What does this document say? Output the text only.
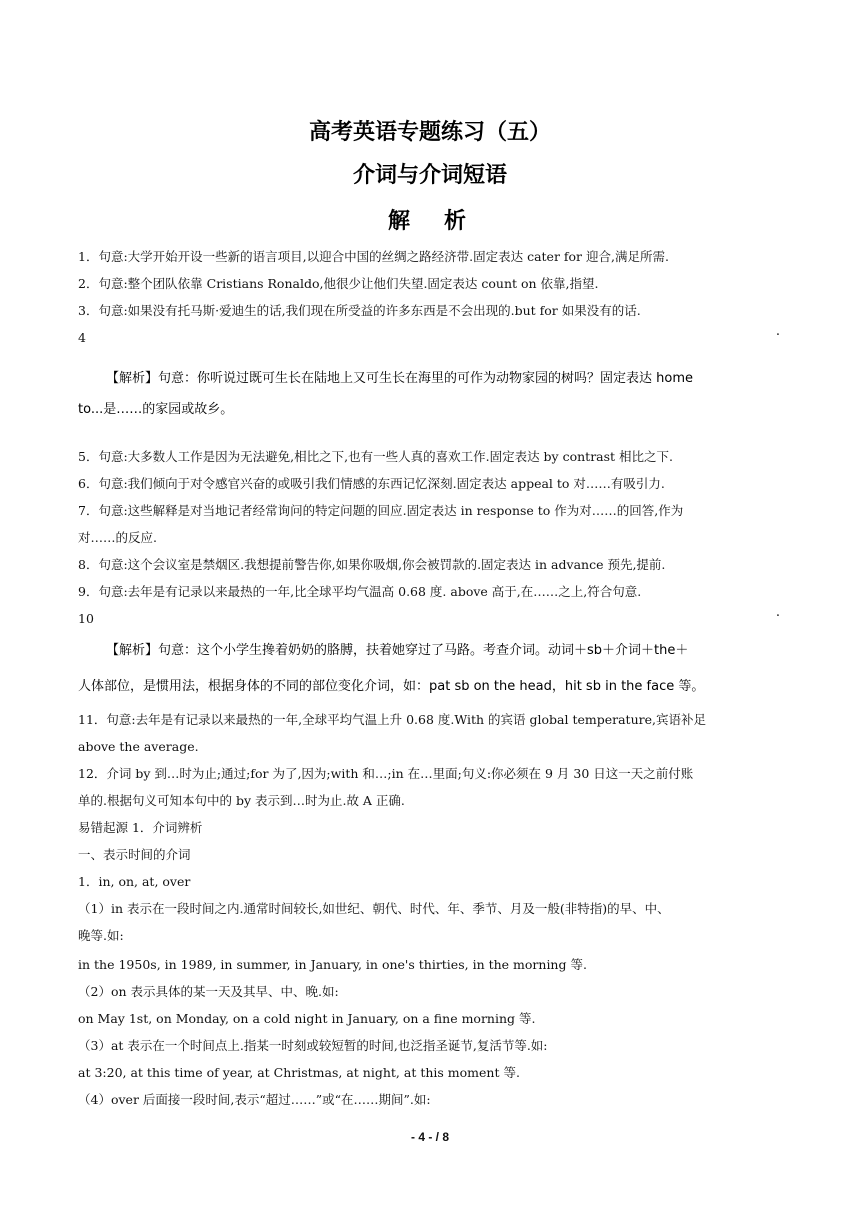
高考英语专题练习（五）
介词与介词短语
解　析
1．句意:大学开始开设一些新的语言项目,以迎合中国的丝绸之路经济带.固定表达 cater for 迎合,满足所需.
2．句意:整个团队依靠 Cristians Ronaldo,他很少让他们失望.固定表达 count on 依靠,指望.
3．句意:如果没有托马斯·爱迪生的话,我们现在所受益的许多东西是不会出现的.but for 如果没有的话.
4	.
【解析】句意：你听说过既可生长在陆地上又可生长在海里的可作为动物家园的树吗？固定表达 home
to...是……的家园或故乡。
5．句意:大多数人工作是因为无法避免,相比之下,也有一些人真的喜欢工作.固定表达 by contrast 相比之下.
6．句意:我们倾向于对令感官兴奋的或吸引我们情感的东西记忆深刻.固定表达 appeal to 对……有吸引力.
7．句意:这些解释是对当地记者经常询问的特定问题的回应.固定表达 in response to 作为对……的回答,作为
对……的反应.
8．句意:这个会议室是禁烟区.我想提前警告你,如果你吸烟,你会被罚款的.固定表达 in advance 预先,提前.
9．句意:去年是有记录以来最热的一年,比全球平均气温高 0.68 度. above 高于,在……之上,符合句意.
10	.
【解析】句意：这个小学生搀着奶奶的胳膊，扶着她穿过了马路。考查介词。动词＋sb＋介词＋the＋
人体部位，是惯用法，根据身体的不同的部位变化介词，如：pat sb on the head，hit sb in the face 等。
11．句意:去年是有记录以来最热的一年,全球平均气温上升 0.68 度.With 的宾语 global temperature,宾语补足
above the average.
12．介词 by 到…时为止;通过;for 为了,因为;with 和…;in 在…里面;句义:你必须在 9 月 30 日这一天之前付账
单的.根据句义可知本句中的 by 表示到…时为止.故 A 正确.
易错起源 1．介词辨析
一、表示时间的介词
1．in, on, at, over
（1）in 表示在一段时间之内.通常时间较长,如世纪、朝代、时代、年、季节、月及一般(非特指)的早、中、
晚等.如:
in the 1950s, in 1989, in summer, in January, in one's thirties, in the morning 等.
（2）on 表示具体的某一天及其早、中、晚.如:
on May 1st, on Monday, on a cold night in January, on a fine morning 等.
（3）at 表示在一个时间点上.指某一时刻或较短暂的时间,也泛指圣诞节,复活节等.如:
at 3:20, at this time of year, at Christmas, at night, at this moment 等.
（4）over 后面接一段时间,表示“超过……”或“在……期间”.如:
- 4 - / 8
